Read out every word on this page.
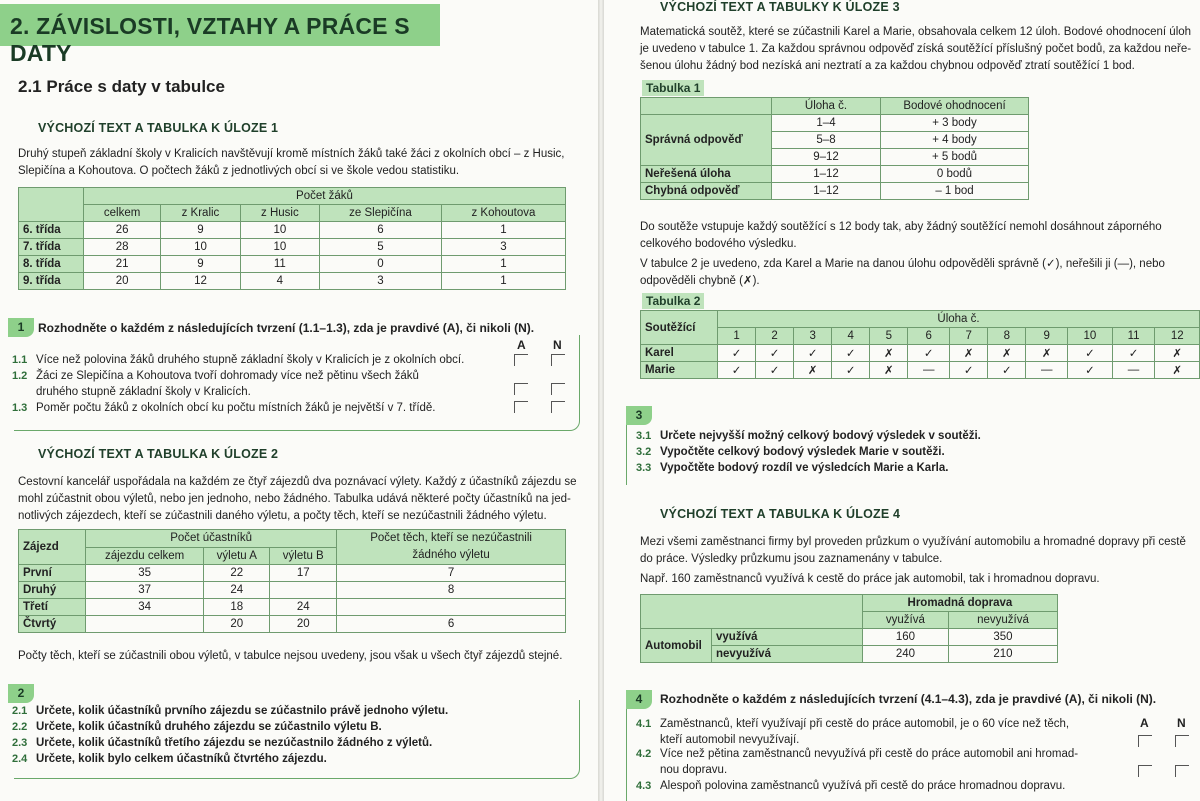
2. ZÁVISLOSTI, VZTAHY A PRÁCE S DATY
2.1 Práce s daty v tabulce
VÝCHOZÍ TEXT A TABULKA K ÚLOZE 1
Druhý stupeň základní školy v Kralicích navštěvují kromě místních žáků také žáci z okolních obcí – z Husic,
Slepičína a Kohoutova. O počtech žáků z jednotlivých obcí si ve škole vedou statistiku.
	Počet žáků				
	celkem	z Kralic	z Husic	ze Slepičína	z Kohoutova
6. třída	26	9	10	6	1
7. třída	28	10	10	5	3
8. třída	21	9	11	0	1
9. třída	20	12	4	3	1
1	Rozhodněte o každém z následujících tvrzení (1.1–1.3), zda je pravdivé (A), či nikoli (N).
A N
1.1 Více než polovina žáků druhého stupně základní školy v Kralicích je z okolních obcí.
1.2 Žáci ze Slepičína a Kohoutova tvoří dohromady více než pětinu všech žáků
druhého stupně základní školy v Kralicích.
1.3 Poměr počtu žáků z okolních obcí ku počtu místních žáků je největší v 7. třídě.
VÝCHOZÍ TEXT A TABULKA K ÚLOZE 2
Cestovní kancelář uspořádala na každém ze čtyř zájezdů dva poznávací výlety. Každý z účastníků zájezdu se
mohl zúčastnit obou výletů, nebo jen jednoho, nebo žádného. Tabulka udává některé počty účastníků na jed-
notlivých zájezdech, kteří se zúčastnili daného výletu, a počty těch, kteří se nezúčastnili žádného výletu.
Zájezd	Počet účastníků			Počet těch, kteří se nezúčastnili
žádného výletu
	zájezdu celkem	výletu A	výletu B	
První	35	22	17	7
Druhý	37	24		8
Třetí	34	18	24	
Čtvrtý		20	20	6
Počty těch, kteří se zúčastnili obou výletů, v tabulce nejsou uvedeny, jsou však u všech čtyř zájezdů stejné.
2
2.1 Určete, kolik účastníků prvního zájezdu se zúčastnilo právě jednoho výletu.
2.2 Určete, kolik účastníků druhého zájezdu se zúčastnilo výletu B.
2.3 Určete, kolik účastníků třetího zájezdu se nezúčastnilo žádného z výletů.
2.4 Určete, kolik bylo celkem účastníků čtvrtého zájezdu.
VÝCHOZÍ TEXT A TABULKY K ÚLOZE 3
Matematická soutěž, které se zúčastnili Karel a Marie, obsahovala celkem 12 úloh. Bodové ohodnocení úloh
je uvedeno v tabulce 1. Za každou správnou odpověď získá soutěžící příslušný počet bodů, za každou neře-
šenou úlohu žádný bod nezíská ani neztratí a za každou chybnou odpověď ztratí soutěžící 1 bod.
Tabulka 1
	Úloha č.	Bodové ohodnocení
Správná odpověď	1–4	+ 3 body
	5–8	+ 4 body
	9–12	+ 5 bodů
Neřešená úloha	1–12	0 bodů
Chybná odpověď	1–12	– 1 bod
Do soutěže vstupuje každý soutěžící s 12 body tak, aby žádný soutěžící nemohl dosáhnout záporného
celkového bodového výsledku.
V tabulce 2 je uvedeno, zda Karel a Marie na danou úlohu odpověděli správně (✓), neřešili ji (—), nebo
odpověděli chybně (✗).
Tabulka 2
Soutěžící	Úloha č.											
	1	2	3	4	5	6	7	8	9	10	11	12
Karel	✓	✓	✓	✓	✗	✓	✗	✗	✗	✓	✓	✗
Marie	✓	✓	✗	✓	✗	—	✓	✓	—	✓	—	✗
3
3.1 Určete nejvyšší možný celkový bodový výsledek v soutěži.
3.2 Vypočtěte celkový bodový výsledek Marie v soutěži.
3.3 Vypočtěte bodový rozdíl ve výsledcích Marie a Karla.
VÝCHOZÍ TEXT A TABULKA K ÚLOZE 4
Mezi všemi zaměstnanci firmy byl proveden průzkum o využívání automobilu a hromadné dopravy při cestě
do práce. Výsledky průzkumu jsou zaznamenány v tabulce.
Např. 160 zaměstnanců využívá k cestě do práce jak automobil, tak i hromadnou dopravu.
		Hromadná doprava	
		využívá	nevyužívá
Automobil	využívá	160	350
	nevyužívá	240	210
4	Rozhodněte o každém z následujících tvrzení (4.1–4.3), zda je pravdivé (A), či nikoli (N).
A N
4.1 Zaměstnanců, kteří využívají při cestě do práce automobil, je o 60 více než těch,
kteří automobil nevyužívají.
4.2 Více než pětina zaměstnanců nevyužívá při cestě do práce automobil ani hromad-
nou dopravu.
4.3 Alespoň polovina zaměstnanců využívá při cestě do práce hromadnou dopravu.
